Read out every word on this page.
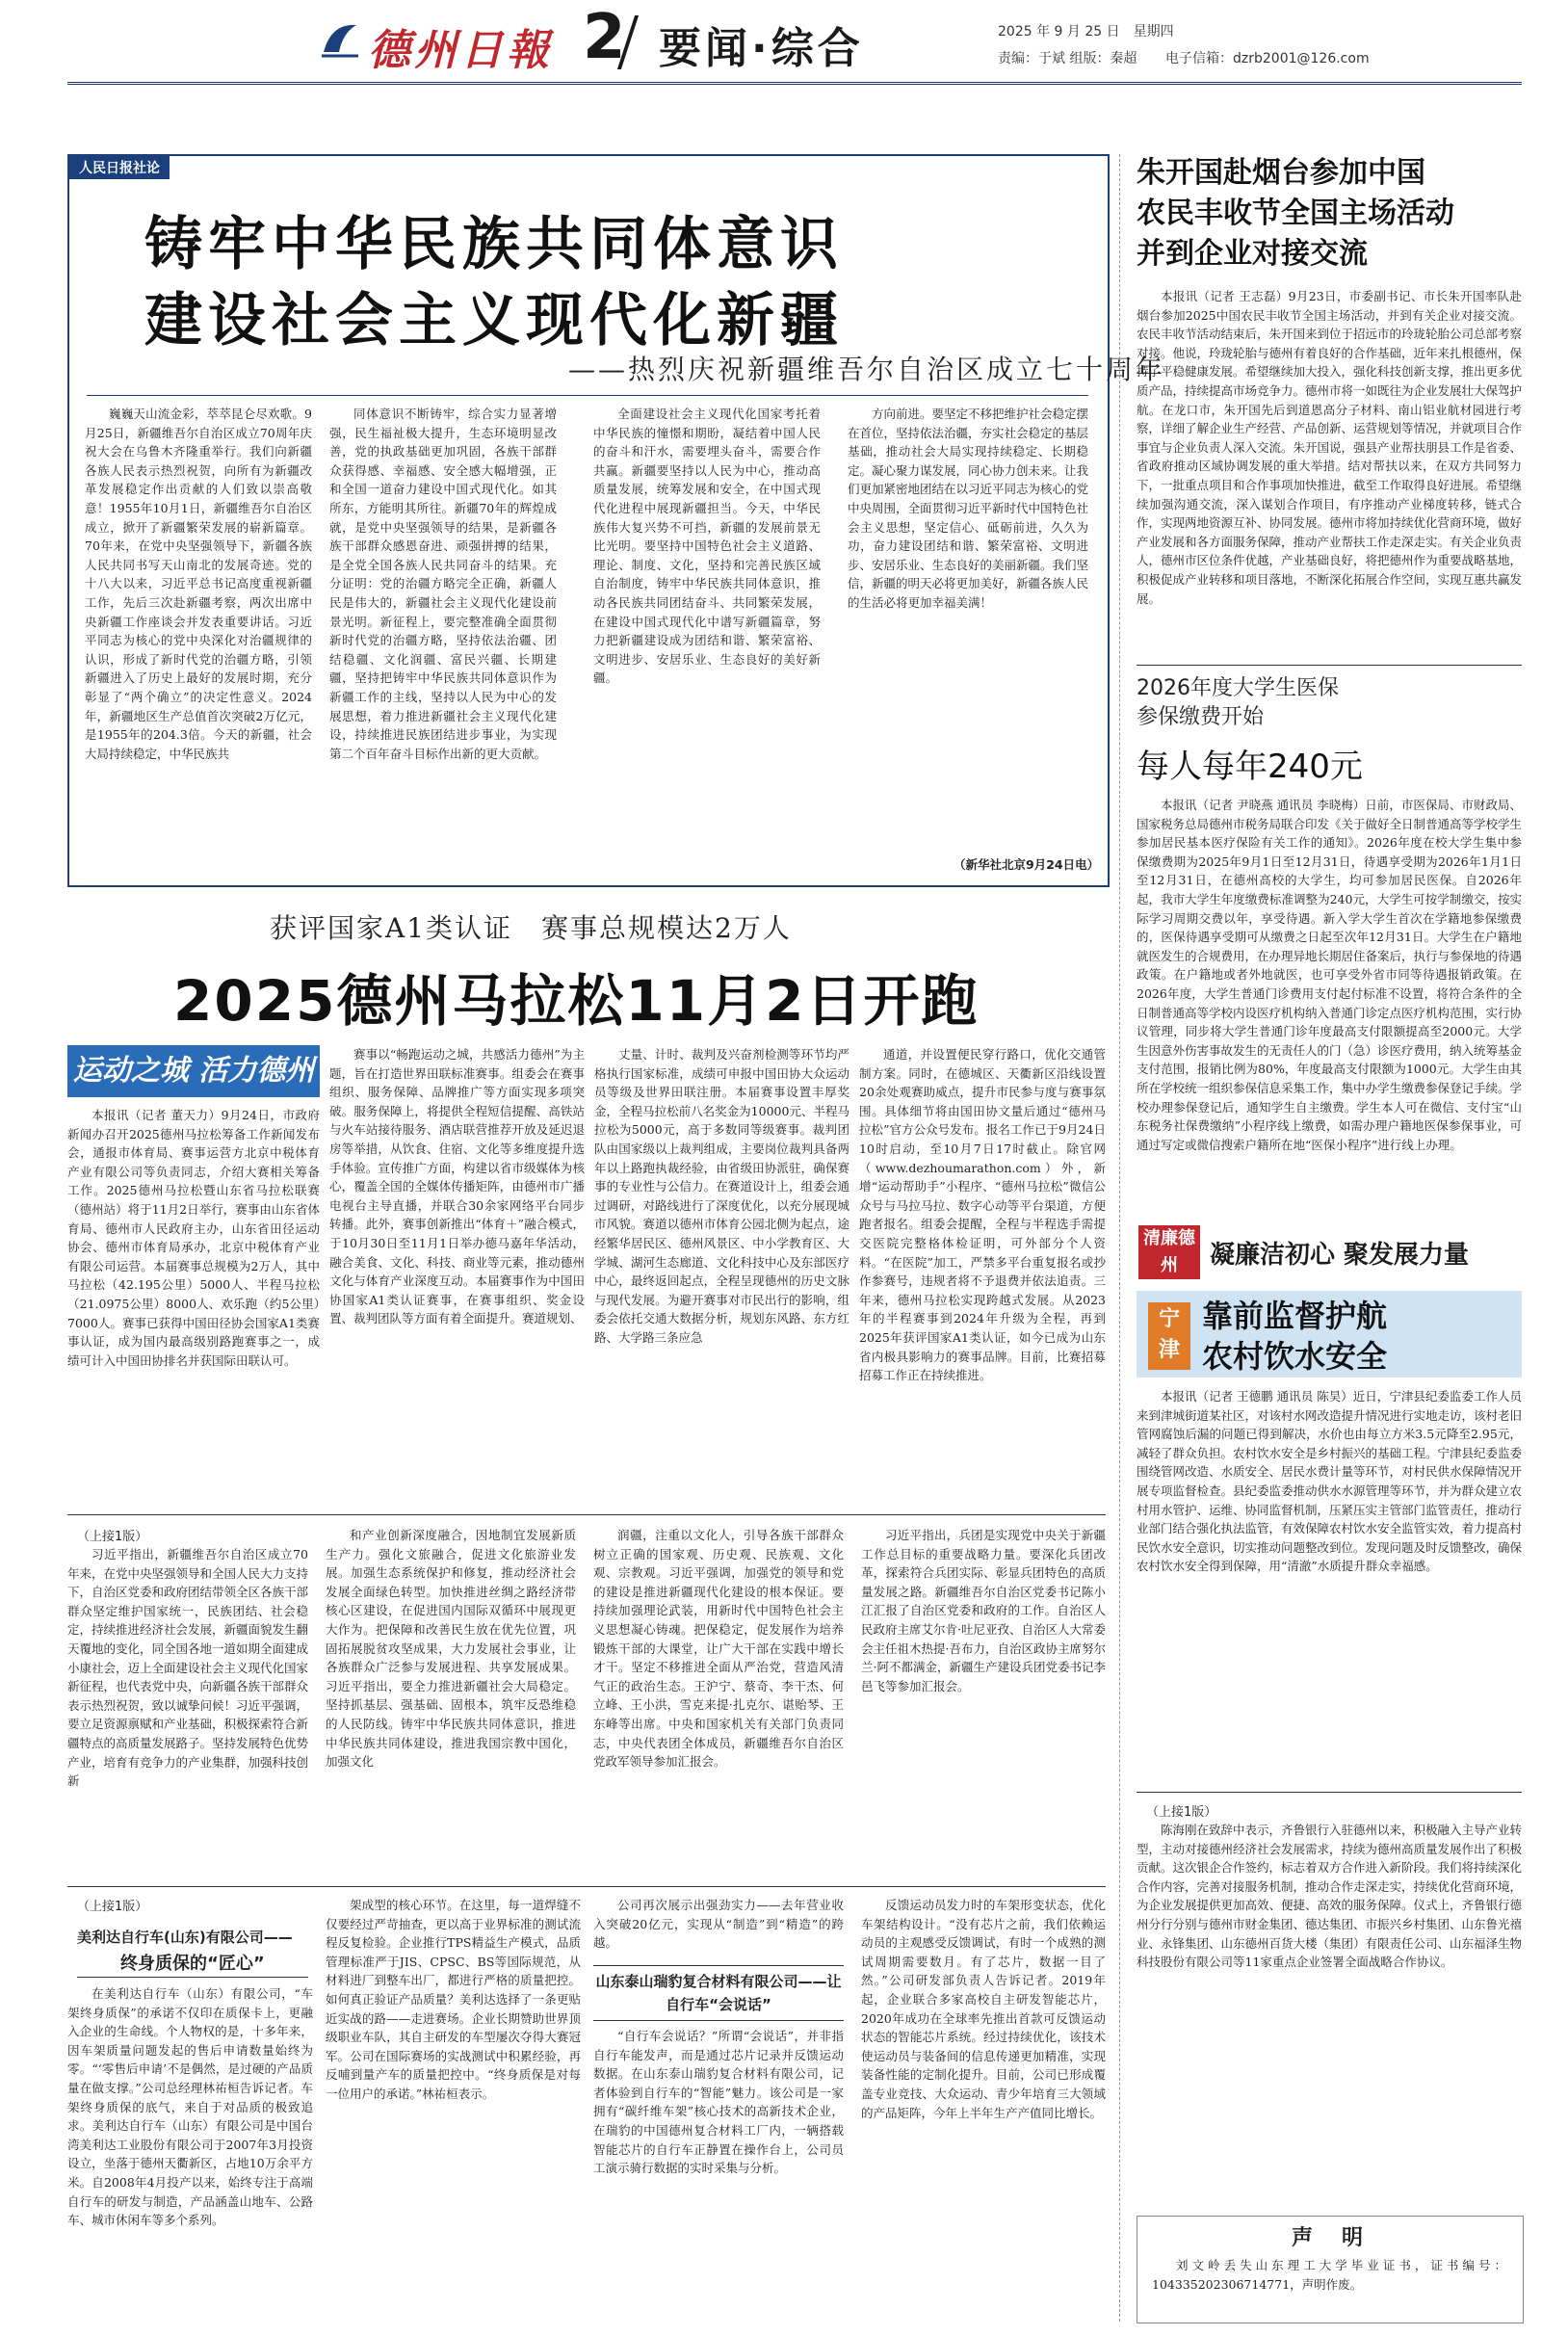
德州日報 2 要闻·综合	2025 年 9 月 25 日　星期四
责编：于斌 组版：秦超 电子信箱：dzrb2001@126.com
人民日报社论
铸牢中华民族共同体意识
建设社会主义现代化新疆
——热烈庆祝新疆维吾尔自治区成立七十周年

巍巍天山流金彩，萃萃昆仑尽欢歌。9月25日，新疆维吾尔自治区成立70周年庆祝大会在乌鲁木齐隆重举行。我们向新疆各族人民表示热烈祝贺，向所有为新疆改革发展稳定作出贡献的人们致以崇高敬意！1955年10月1日，新疆维吾尔自治区成立，掀开了新疆繁荣发展的崭新篇章。70年来，在党中央坚强领导下，新疆各族人民共同书写天山南北的发展奇迹。党的十八大以来，习近平总书记高度重视新疆工作，先后三次赴新疆考察，两次出席中央新疆工作座谈会并发表重要讲话。习近平同志为核心的党中央深化对治疆规律的认识，形成了新时代党的治疆方略，引领新疆进入了历史上最好的发展时期，充分彰显了“两个确立”的决定性意义。2024年，新疆地区生产总值首次突破2万亿元，是1955年的204.3倍。今天的新疆，社会大局持续稳定，中华民族共

同体意识不断铸牢，综合实力显著增强，民生福祉极大提升，生态环境明显改善，党的执政基础更加巩固，各族干部群众获得感、幸福感、安全感大幅增强，正和全国一道奋力建设中国式现代化。如其所东，方能明其所往。新疆70年的辉煌成就，是党中央坚强领导的结果，是新疆各族干部群众感恩奋进、顽强拼搏的结果，是全党全国各族人民共同奋斗的结果。充分证明：党的治疆方略完全正确，新疆人民是伟大的，新疆社会主义现代化建设前景光明。新征程上，要完整准确全面贯彻新时代党的治疆方略，坚持依法治疆、团结稳疆、文化润疆、富民兴疆、长期建疆，坚持把铸牢中华民族共同体意识作为新疆工作的主线，坚持以人民为中心的发展思想，着力推进新疆社会主义现代化建设，持续推进民族团结进步事业，为实现第二个百年奋斗目标作出新的更大贡献。

全面建设社会主义现代化国家考托着中华民族的憧憬和期盼，凝结着中国人民的奋斗和汗水，需要埋头奋斗，需要合作共赢。新疆要坚持以人民为中心，推动高质量发展，统筹发展和安全，在中国式现代化进程中展现新疆担当。今天，中华民族伟大复兴势不可挡，新疆的发展前景无比光明。要坚持中国特色社会主义道路、理论、制度、文化，坚持和完善民族区域自治制度，铸牢中华民族共同体意识，推动各民族共同团结奋斗、共同繁荣发展，在建设中国式现代化中谱写新疆篇章，努力把新疆建设成为团结和谐、繁荣富裕、文明进步、安居乐业、生态良好的美好新疆。

方向前进。要坚定不移把维护社会稳定摆在首位，坚持依法治疆，夯实社会稳定的基层基础，推动社会大局实现持续稳定、长期稳定。凝心聚力谋发展，同心协力创未来。让我们更加紧密地团结在以习近平同志为核心的党中央周围，全面贯彻习近平新时代中国特色社会主义思想，坚定信心、砥砺前进，久久为功，奋力建设团结和谐、繁荣富裕、文明进步、安居乐业、生态良好的美丽新疆。我们坚信，新疆的明天必将更加美好，新疆各族人民的生活必将更加幸福美满！

（新华社北京9月24日电）
获评国家A1类认证　赛事总规模达2万人
2025德州马拉松11月2日开跑
运动之城 活力德州

本报讯（记者 董天力）9月24日，市政府新闻办召开2025德州马拉松筹备工作新闻发布会，通报市体育局、赛事运营方北京中税体育产业有限公司等负责同志，介绍大赛相关筹备工作。2025德州马拉松暨山东省马拉松联赛（德州站）将于11月2日举行，赛事由山东省体育局、德州市人民政府主办，山东省田径运动协会、德州市体育局承办，北京中税体育产业有限公司运营。本届赛事总规模为2万人，其中马拉松（42.195公里）5000人、半程马拉松（21.0975公里）8000人、欢乐跑（约5公里）7000人。赛事已获得中国田径协会国家A1类赛事认证，成为国内最高级别路跑赛事之一，成绩可计入中国田协排名并获国际田联认可。

赛事以“畅跑运动之城，共感活力德州”为主题，旨在打造世界田联标准赛事。组委会在赛事组织、服务保障、品牌推广等方面实现多项突破。服务保障上，将提供全程短信提醒、高铁站与火车站接待服务、酒店联营推荐开放及延迟退房等举措，从饮食、住宿、文化等多维度提升选手体验。宣传推广方面，构建以省市级媒体为核心，覆盖全国的全媒体传播矩阵，由德州市广播电视台主导直播，并联合30余家网络平台同步转播。此外，赛事创新推出“体育＋”融合模式，于10月30日至11月1日举办德马嘉年华活动，融合美食、文化、科技、商业等元素，推动德州文化与体育产业深度互动。本届赛事作为中国田协国家A1类认证赛事，在赛事组织、奖金设置、裁判团队等方面有着全面提升。赛道规划、

丈量、计时、裁判及兴奋剂检测等环节均严格执行国家标准，成绩可申报中国田协大众运动员等级及世界田联注册。本届赛事设置丰厚奖金，全程马拉松前八名奖金为10000元、半程马拉松为5000元，高于多数同等级赛事。裁判团队由国家级以上裁判组成，主要岗位裁判具备两年以上路跑执裁经验，由省级田协派驻，确保赛事的专业性与公信力。在赛道设计上，组委会通过调研，对路线进行了深度优化，以充分展现城市风貌。赛道以德州市体育公园北侧为起点，途经繁华居民区、德州风景区、中小学教育区、大学城、湖河生态廊道、文化科技中心及东部医疗中心，最终返回起点，全程呈现德州的历史文脉与现代发展。为避开赛事对市民出行的影响，组委会依托交通大数据分析，规划东风路、东方红路、大学路三条应急

通道，并设置便民穿行路口，优化交通管制方案。同时，在德城区、天衢新区沿线设置20余处观赛助威点，提升市民参与度与赛事氛围。具体细节将由国田协文量后通过“德州马拉松”官方公众号发布。报名工作已于9月24日10时启动，至10月7日17时截止。除官网（www.dezhoumarathon.com）外，新增“运动帮助手”小程序、“德州马拉松”微信公众号与马拉马拉、数字心动等平台渠道，方便跑者报名。组委会提醒，全程与半程选手需提交医院完整格体检证明，可外部分个人资料。“在医院”加工，严禁多平台重复报名或抄作参赛号，违规者将不予退费并依法追责。三年来，德州马拉松实现跨越式发展。从2023年的半程赛事到2024年升级为全程，再到2025年获评国家A1类认证，如今已成为山东省内极具影响力的赛事品牌。目前，比赛招募招募工作正在持续推进。

（上接1版）

习近平指出，新疆维吾尔自治区成立70年来，在党中央坚强领导和全国人民大力支持下，自治区党委和政府团结带领全区各族干部群众坚定维护国家统一，民族团结、社会稳定，持续推进经济社会发展，新疆面貌发生翻天覆地的变化，同全国各地一道如期全面建成小康社会，迈上全面建设社会主义现代化国家新征程，也代表党中央，向新疆各族干部群众表示热烈祝贺，致以诚挚问候！习近平强调，要立足资源禀赋和产业基础，积极探索符合新疆特点的高质量发展路子。坚持发展特色优势产业，培育有竞争力的产业集群，加强科技创新

和产业创新深度融合，因地制宜发展新质生产力。强化文旅融合，促进文化旅游业发展。加强生态系统保护和修复，推动经济社会发展全面绿色转型。加快推进丝绸之路经济带核心区建设，在促进国内国际双循环中展现更大作为。把保障和改善民生放在优先位置，巩固拓展脱贫攻坚成果，大力发展社会事业，让各族群众广泛参与发展进程、共享发展成果。习近平指出，要全力推进新疆社会大局稳定。坚持抓基层、强基础、固根本，筑牢反恐维稳的人民防线。铸牢中华民族共同体意识，推进中华民族共同体建设，推进我国宗教中国化，加强文化

润疆，注重以文化人，引导各族干部群众树立正确的国家观、历史观、民族观、文化观、宗教观。习近平强调，加强党的领导和党的建设是推进新疆现代化建设的根本保证。要持续加强理论武装，用新时代中国特色社会主义思想凝心铸魂。把保稳定，促发展作为培养锻炼干部的大课堂，让广大干部在实践中增长才干。坚定不移推进全面从严治党，营造风清气正的政治生态。王沪宁、蔡奇、李干杰、何立峰、王小洪，雪克来提·扎克尔、谌贻琴、王东峰等出席。中央和国家机关有关部门负责同志，中央代表团全体成员，新疆维吾尔自治区党政军领导参加汇报会。

习近平指出，兵团是实现党中央关于新疆工作总目标的重要战略力量。要深化兵团改革，探索符合兵团实际、彰显兵团特色的高质量发展之路。新疆维吾尔自治区党委书记陈小江汇报了自治区党委和政府的工作。自治区人民政府主席艾尔肯·吐尼亚孜、自治区人大常委会主任祖木热提·吾布力，自治区政协主席努尔兰·阿不都满金，新疆生产建设兵团党委书记李邑飞等参加汇报会。

（上接1版）
美利达自行车(山东)有限公司——
终身质保的“匠心”

在美利达自行车（山东）有限公司，“车架终身质保”的承诺不仅印在质保卡上，更融入企业的生命线。个人物权的是，十多年来，因车架质量问题发起的售后申请数量始终为零。“‘零售后申请’不是偶然，是过硬的产品质量在做支撑。”公司总经理林祐桓告诉记者。车架终身质保的底气，来自于对品质的极致追求。美利达自行车（山东）有限公司是中国台湾美利达工业股份有限公司于2007年3月投资设立，坐落于德州天衢新区，占地10万余平方米。自2008年4月投产以来，始终专注于高端自行车的研发与制造，产品涵盖山地车、公路车、城市休闲车等多个系列。

架成型的核心环节。在这里，每一道焊缝不仅要经过严苛抽查，更以高于业界标准的测试流程反复检验。企业推行TPS精益生产模式，品质管理标准严于JIS、CPSC、BS等国际规范，从材料进厂到整车出厂，都进行严格的质量把控。如何真正验证产品质量？美利达选择了一条更贴近实战的路——走进赛场。企业长期赞助世界顶级职业车队，其自主研发的车型屡次夺得大赛冠军。公司在国际赛场的实战测试中积累经验，再反哺到量产车的质量把控中。“终身质保是对每一位用户的承诺。”林祐桓表示。

公司再次展示出强劲实力——去年营业收入突破20亿元，实现从“制造”到“精造”的跨越。

山东泰山瑞豹复合材料有限公司——让自行车“会说话”

“自行车会说话？”所谓“会说话”，并非指自行车能发声，而是通过芯片记录并反馈运动数据。在山东泰山瑞豹复合材料有限公司，记者体验到自行车的“智能”魅力。该公司是一家拥有“碳纤维车架”核心技术的高新技术企业，在瑞豹的中国德州复合材料工厂内，一辆搭载智能芯片的自行车正静置在操作台上，公司员工演示骑行数据的实时采集与分析。

反馈运动员发力时的车架形变状态，优化车架结构设计。“没有芯片之前，我们依赖运动员的主观感受反馈调试，有时一个成熟的测试周期需要数月。有了芯片，数据一目了然。”公司研发部负责人告诉记者。2019年起，企业联合多家高校自主研发智能芯片，2020年成功在全球率先推出首款可反馈运动状态的智能芯片系统。经过持续优化，该技术使运动员与装备间的信息传递更加精准，实现装备性能的定制化提升。目前，公司已形成覆盖专业竞技、大众运动、青少年培育三大领域的产品矩阵，今年上半年生产产值同比增长。

朱开国赴烟台参加中国
农民丰收节全国主场活动
并到企业对接交流

本报讯（记者 王志磊）9月23日，市委副书记、市长朱开国率队赴烟台参加2025中国农民丰收节全国主场活动，并到有关企业对接交流。农民丰收节活动结束后，朱开国来到位于招远市的玲珑轮胎公司总部考察对接。他说，玲珑轮胎与德州有着良好的合作基础，近年来扎根德州，保持了平稳健康发展。希望继续加大投入，强化科技创新支撑，推出更多优质产品，持续提高市场竞争力。德州市将一如既往为企业发展壮大保驾护航。在龙口市，朱开国先后到道恩高分子材料、南山铝业航材园进行考察，详细了解企业生产经营、产品创新、运营规划等情况，并就项目合作事宜与企业负责人深入交流。朱开国说，强县产业帮扶朋县工作是省委、省政府推动区域协调发展的重大举措。结对帮扶以来，在双方共同努力下，一批重点项目和合作事项加快推进，截至工作取得良好进展。希望继续加强沟通交流，深入谋划合作项目，有序推动产业梯度转移，链式合作，实现两地资源互补、协同发展。德州市将加持续优化营商环境，做好产业发展和各方面服务保障，推动产业帮扶工作走深走实。有关企业负责人，德州市区位条件优越，产业基础良好，将把德州作为重要战略基地，积极促成产业转移和项目落地，不断深化拓展合作空间，实现互惠共赢发展。

2026年度大学生医保
参保缴费开始
每人每年240元

本报讯（记者 尹晓燕 通讯员 李晓梅）日前，市医保局、市财政局、国家税务总局德州市税务局联合印发《关于做好全日制普通高等学校学生参加居民基本医疗保险有关工作的通知》。2026年度在校大学生集中参保缴费期为2025年9月1日至12月31日，待遇享受期为2026年1月1日至12月31日，在德州高校的大学生，均可参加居民医保。自2026年起，我市大学生年度缴费标准调整为240元，大学生可按学制缴交，按实际学习周期交费以年，享受待遇。新入学大学生首次在学籍地参保缴费的，医保待遇享受期可从缴费之日起至次年12月31日。大学生在户籍地就医发生的合规费用，在办理异地长期居住备案后，执行与参保地的待遇政策。在户籍地或者外地就医，也可享受外省市同等待遇报销政策。在2026年度，大学生普通门诊费用支付起付标准不设置，将符合条件的全日制普通高等学校内设医疗机构纳入普通门诊定点医疗机构范围，实行协议管理，同步将大学生普通门诊年度最高支付限额提高至2000元。大学生因意外伤害事故发生的无责任人的门（急）诊医疗费用，纳入统筹基金支付范围，报销比例为80%，年度最高支付限额为1000元。大学生由其所在学校统一组织参保信息采集工作，集中办学生缴费参保登记手续。学校办理参保登记后，通知学生自主缴费。学生本人可在微信、支付宝“山东税务社保费缴纳”小程序线上缴费，如需办理户籍地医保参保事业，可通过写定或微信搜索户籍所在地“医保小程序”进行线上办理。

清廉德州	凝廉洁初心 聚发展力量
宁
津
靠前监督护航
农村饮水安全

本报讯（记者 王德鹏 通讯员 陈昊）近日，宁津县纪委监委工作人员来到津城街道某社区，对该村水网改造提升情况进行实地走访，该村老旧管网腐蚀后漏的问题已得到解决，水价也由每立方米3.5元降至2.95元，减轻了群众负担。农村饮水安全是乡村振兴的基础工程。宁津县纪委监委围绕管网改造、水质安全、居民水费计量等环节，对村民供水保障情况开展专项监督检查。县纪委监委推动供水水源管理等环节，并为群众建立农村用水管护、运维、协同监督机制，压紧压实主管部门监管责任，推动行业部门结合强化执法监管，有效保障农村饮水安全监管实效，着力提高村民饮水安全意识，切实推动问题整改到位。发现问题及时反馈整改，确保农村饮水安全得到保障，用“清澈”水质提升群众幸福感。

（上接1版）

陈海刚在致辞中表示，齐鲁银行入驻德州以来，积极融入主导产业转型，主动对接德州经济社会发展需求，持续为德州高质量发展作出了积极贡献。这次银企合作签约，标志着双方合作进入新阶段。我们将持续深化合作内容，完善对接服务机制，推动合作走深走实，持续优化营商环境，为企业发展提供更加高效、便捷、高效的服务保障。仪式上，齐鲁银行德州分行分别与德州市财金集团、德达集团、市振兴乡村集团、山东鲁光禧业、永锋集团、山东德州百货大楼（集团）有限责任公司、山东福泽生物科技股份有限公司等11家重点企业签署全面战略合作协议。

声　明

刘文岭丢失山东理工大学毕业证书，证书编号：104335202306714771，声明作废。
